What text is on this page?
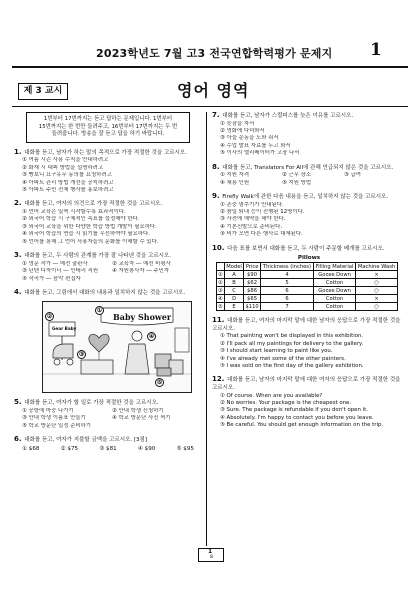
2023학년도 7월 고3 전국연합학력평가 문제지 1
제 3 교시	영어 영역
1번부터 17번까지는 듣고 답하는 문제입니다. 1번부터
15번까지는 한 번만 들려주고, 16번부터 17번까지는 두 번
들려줍니다. 방송을 잘 듣고 답을 하기 바랍니다.
1. 대화를 듣고, 남자가 하는 말의 목적으로 가장 적절한 것을 고르시오.
① 여름 시즌 사용 수칙을 안내하려고
② 화재 시 대피 방법을 설명하려고
③ 빵보니 요구유무 동의를 요청하려고
④ 아파트 관리 방법 개선을 공지하려고
⑤ 아파트 주민 전체 행사를 홍보하려고
2. 대화를 듣고, 여자의 의견으로 가장 적절한 것을 고르시오.
① 언어 교육은 일찍 시작할수록 효과적이다.
② 외국어 학습 시 구체적인 목표를 설정해야 한다.
③ 외국어 교육을 위한 다양한 학습 방법 개발이 필요하다.
④ 외국어 학습의 연습 시 읽기를 우선하여야 필요하다.
⑤ 언어를 통해 그 언어 사용자들의 문화를 이해할 수 있다.
3. 대화를 듣고, 두 사람의 관계를 가장 잘 나타낸 것을 고르시오.
① 영문 작가 ― 예전 출판사	② 교육자 ― 예전 비평사
③ 닌텐 디자이너 ― 인테리 직원	④ 자원봉사자 ― 주민자
⑤ 작곡가 ― 음악 편집자
4. 대화를 듣고, 그림에서 대화의 내용과 일치하지 않는 것을 고르시오.
Baby Shower
Gear Baby
①
②
③
④
⑤
5. 대화를 듣고, 여자가 할 일로 가장 적절한 것을 고르시오.
① 공항에 마중 나가기	② 안내 학생 신청하기
③ 안내 학생 이름표 만들기	④ 학교 방문단 사진 찍기
⑤ 학교 방문단 일정 준비하기
6. 대화를 듣고, 여자가 지불할 금액을 고르시오. [3점]
① $68	② $75	③ $81	④ $90	⑤ $95
7. 대화를 듣고, 남자가 스컬피스를 늦은 이유를 고르시오.
① 늦잠을 자서
② 영화에 다녀와서
③ 아들 운동을 도와 줘서
④ 수업 발표 자료를 두고 와서
⑤ 이사의 엘리베이터가 고장 나서
8. 대화를 듣고, Translators For All에 관해 언급되지 않은 것을 고르시오.
① 지원 자격	② 근무 장소	③ 급여
④ 채용 인원	⑤ 지원 방법
9. Firefly Walk에 관한 다음 내용을 듣고, 일치하지 않는 것을 고르시오.
① 존중 멈추기가 안내된다.
② 참일 퇴내 등이 진행된 12명이다.
③ 사전에 예약을 해야 한다.
④ 기본신발으로 준비된다.
⑤ 비가 오면 다른 행사로 대체된다.
10. 다음 표를 보면서 대화를 듣고, 두 사람이 주문할 베개를 고르시오.
Pillows
	Model	Price	Thickness (inches)	Filling Material	Machine Wash
①	A	$90	4	Goose Down	×
②	B	$62	5	Cotton	○
③	C	$86	6	Goose Down	○
④	D	$65	6	Cotton	×
⑤	E	$110	7	Cotton	○
11. 대화를 듣고, 여자의 마지막 말에 대한 남자의 응답으로 가장 적절한 것을 고르시오.
① That painting won't be displayed in this exhibition.
② I'll pack all my paintings for delivery to the gallery.
③ I should start learning to paint like you.
④ I've already met some of the other painters.
⑤ I was sold on the first day of the gallery exhibition.
12. 대화를 듣고, 남자의 마지막 말에 대한 여자의 응답으로 가장 적절한 것을 고르시오.
① Of course. When are you available?
② No worries. Your package is the cheapest one.
③ Sure. The package is refundable if you don't open it.
④ Absolutely. I'm happy to contact you before you leave.
⑤ Be careful. You should get enough information on the trip.
1
8
